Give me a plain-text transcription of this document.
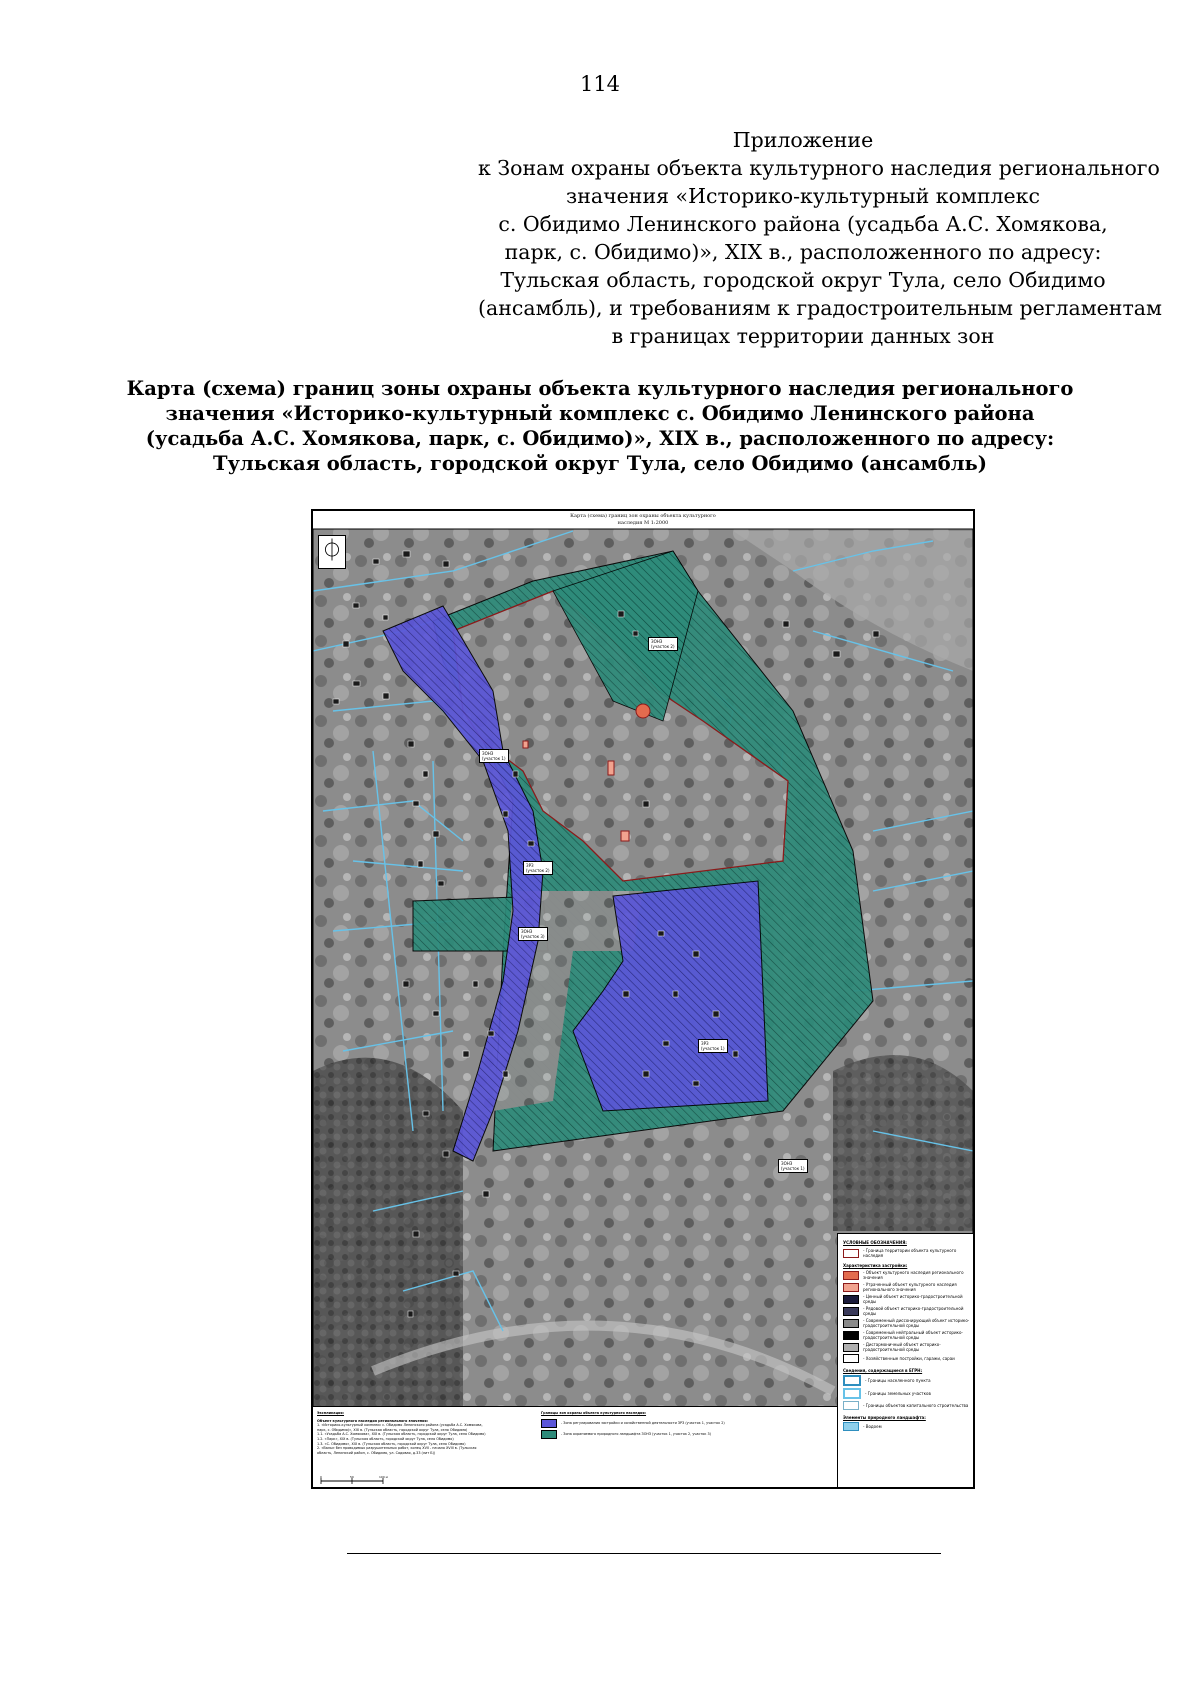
114
Приложение
к Зонам охраны объекта культурного наследия регионального
значения «Историко-культурный комплекс
с. Обидимо Ленинского района (усадьба А.С. Хомякова,
парк, с. Обидимо)», XIX в., расположенного по адресу:
Тульская область, городской округ Тула, село Обидимо
(ансамбль), и требованиям к градостроительным регламентам
в границах территории данных зон
Карта (схема) границ зоны охраны объекта культурного наследия регионального
значения «Историко-культурный комплекс с. Обидимо Ленинского района
(усадьба А.С. Хомякова, парк, с. Обидимо)», XIX в., расположенного по адресу:
Тульская область, городской округ Тула, село Обидимо (ансамбль)
Карта (схема) границ зон охраны объекта культурного
наследия М 1:2000
⏀
ЗОНЗ
(участок 2)
ЗОНЗ
(участок 1)
ЗРЗ
(участок 2)
ЗОНЗ
(участок 3)
ЗРЗ
(участок 1)
ЗОНЗ
(участок 1)
УСЛОВНЫЕ ОБОЗНАЧЕНИЯ:
- Граница территории объекта культурного наследия
Характеристика застройки:
- Объект культурного наследия регионального значения
- Утраченный объект культурного наследия регионального значения
- Ценный объект историко-градостроительной среды
- Рядовой объект историко-градостроительной среды
- Современный диссонирующий объект историко-градостроительной среды
- Современный нейтральный объект историко-градостроительной среды
- Дисгармоничный объект историко-градостроительной среды
- Хозяйственные постройки, гаражи, сараи
Сведения, содержащиеся в ЕГРН:
- Границы населенного пункта
- Границы земельных участков
- Границы объектов капитального строительства
Элементы природного ландшафта:
- Водоем
Экспликация:
Объект культурного наследия регионального значения:
1. «Историко-культурный комплекс с. Обидимо Ленинского района (усадьба А.С. Хомякова,
парк, с. Обидимо)», XIX в. (Тульская область, городской округ Тула, село Обидимо)
1.1. «Усадьба А.С. Хомякова», XIX в. (Тульская область, городской округ Тула, село Обидимо)
1.2. «Парк», XIX в. (Тульская область, городской округ Тула, село Обидимо)
1.3. «С. Обидимо», XIX в. (Тульская область, городской округ Тула, село Обидимо)
2. «Валы» без проводимых разрушительных работ, конец XVII - начало XVIII в. (Тульская
область, Ленинский район, с. Обидимо, ул. Садовая, д.33 (лит Б))
Границы зон охраны объекта культурного наследия:
- Зона регулирования застройки и хозяйственной деятельности ЗРЗ (участок 1, участок 2)
- Зона охраняемого природного ландшафта ЗОНЗ (участок 1, участок 2, участок 3)
0	50	100 м
